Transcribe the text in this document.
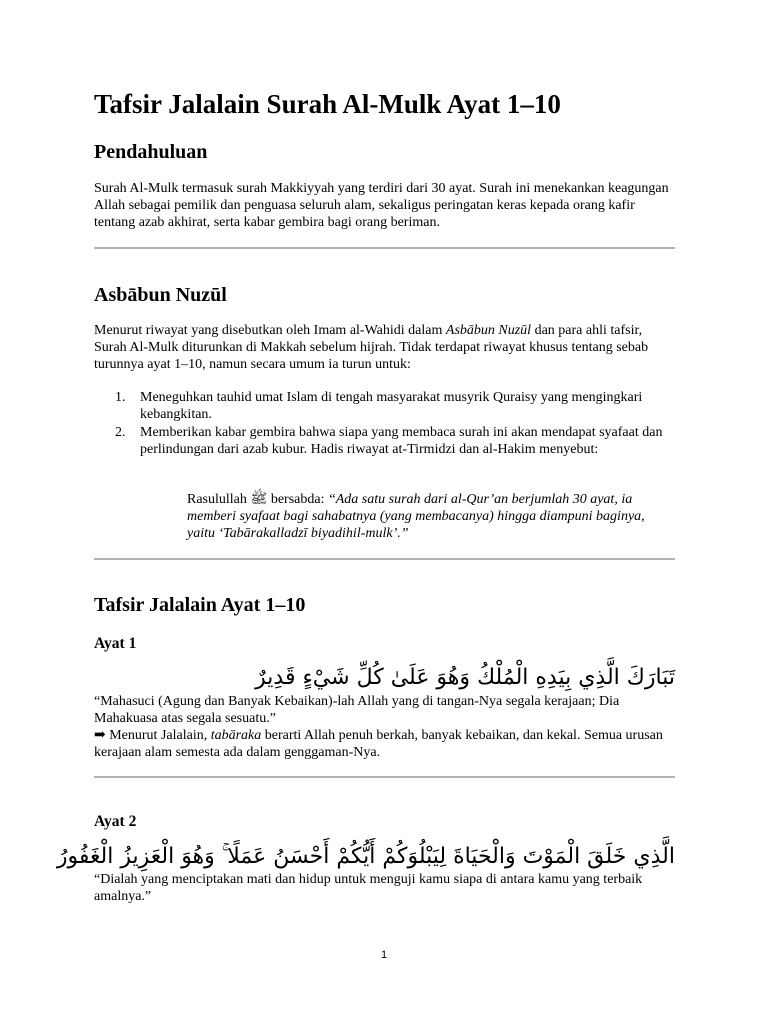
Tafsir Jalalain Surah Al-Mulk Ayat 1–10
Pendahuluan

Surah Al-Mulk termasuk surah Makkiyyah yang terdiri dari 30 ayat. Surah ini menekankan keagungan Allah sebagai pemilik dan penguasa seluruh alam, sekaligus peringatan keras kepada orang kafir tentang azab akhirat, serta kabar gembira bagi orang beriman.

Asbābun Nuzūl

Menurut riwayat yang disebutkan oleh Imam al-Wahidi dalam Asbābun Nuzūl dan para ahli tafsir, Surah Al-Mulk diturunkan di Makkah sebelum hijrah. Tidak terdapat riwayat khusus tentang sebab turunnya ayat 1–10, namun secara umum ia turun untuk:

1. Meneguhkan tauhid umat Islam di tengah masyarakat musyrik Quraisy yang mengingkari kebangkitan.
2. Memberikan kabar gembira bahwa siapa yang membaca surah ini akan mendapat syafaat dan perlindungan dari azab kubur. Hadis riwayat at-Tirmidzi dan al-Hakim menyebut:
Rasulullah ﷺ bersabda: “Ada satu surah dari al-Qur’an berjumlah 30 ayat, ia memberi syafaat bagi sahabatnya (yang membacanya) hingga diampuni baginya, yaitu ‘Tabārakalladzī biyadihil-mulk’.”
Tafsir Jalalain Ayat 1–10
Ayat 1
تَبَارَكَ الَّذِي بِيَدِهِ الْمُلْكُ وَهُوَ عَلَىٰ كُلِّ شَيْءٍ قَدِيرٌ

“Mahasuci (Agung dan Banyak Kebaikan)-lah Allah yang di tangan-Nya segala kerajaan; Dia Mahakuasa atas segala sesuatu.”

➡ Menurut Jalalain, tabāraka berarti Allah penuh berkah, banyak kebaikan, dan kekal. Semua urusan kerajaan alam semesta ada dalam genggaman-Nya.

Ayat 2
الَّذِي خَلَقَ الْمَوْتَ وَالْحَيَاةَ لِيَبْلُوَكُمْ أَيُّكُمْ أَحْسَنُ عَمَلًا ۚ وَهُوَ الْعَزِيزُ الْغَفُورُ

“Dialah yang menciptakan mati dan hidup untuk menguji kamu siapa di antara kamu yang terbaik amalnya.”

1
